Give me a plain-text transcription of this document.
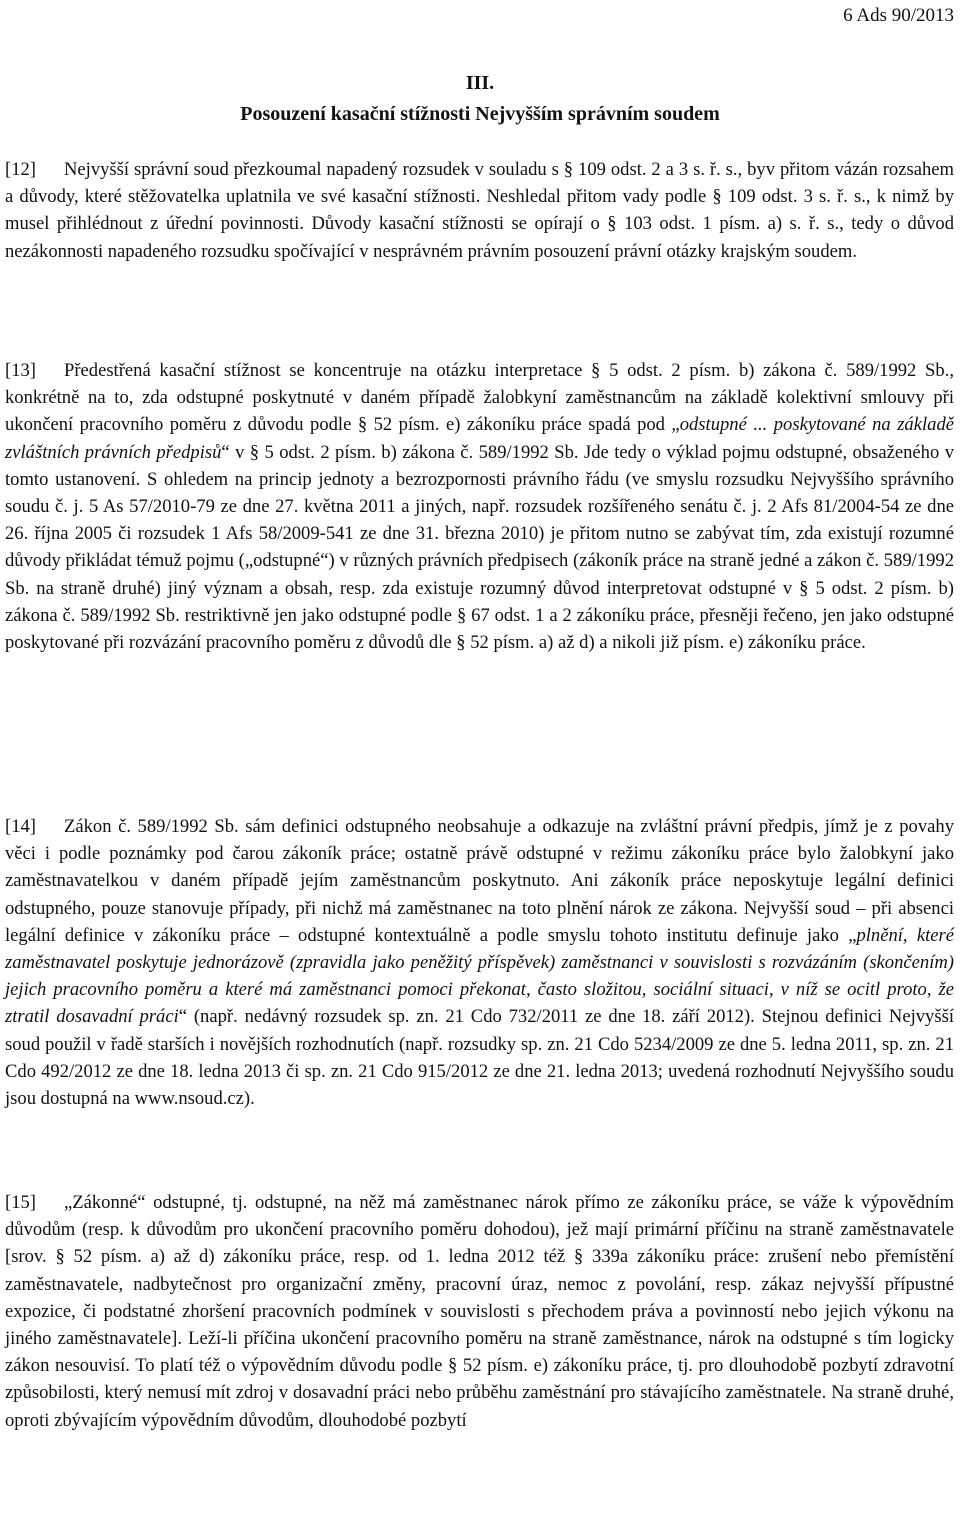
6 Ads 90/2013
III.
Posouzení kasační stížnosti Nejvyšším správním soudem

[12] Nejvyšší správní soud přezkoumal napadený rozsudek v souladu s § 109 odst. 2 a 3 s. ř. s., byv přitom vázán rozsahem a důvody, které stěžovatelka uplatnila ve své kasační stížnosti. Neshledal přitom vady podle § 109 odst. 3 s. ř. s., k nimž by musel přihlédnout z úřední povinnosti. Důvody kasační stížnosti se opírají o § 103 odst. 1 písm. a) s. ř. s., tedy o důvod nezákonnosti napadeného rozsudku spočívající v nesprávném právním posouzení právní otázky krajským soudem.

[13] Předestřená kasační stížnost se koncentruje na otázku interpretace § 5 odst. 2 písm. b) zákona č. 589/1992 Sb., konkrétně na to, zda odstupné poskytnuté v daném případě žalobkyní zaměstnancům na základě kolektivní smlouvy při ukončení pracovního poměru z důvodu podle § 52 písm. e) zákoníku práce spadá pod „odstupné ... poskytované na základě zvláštních právních předpisů“ v § 5 odst. 2 písm. b) zákona č. 589/1992 Sb. Jde tedy o výklad pojmu odstupné, obsaženého v tomto ustanovení. S ohledem na princip jednoty a bezrozpornosti právního řádu (ve smyslu rozsudku Nejvyššího správního soudu č. j. 5 As 57/2010-79 ze dne 27. května 2011 a jiných, např. rozsudek rozšířeného senátu č. j. 2 Afs 81/2004-54 ze dne 26. října 2005 či rozsudek 1 Afs 58/2009-541 ze dne 31. března 2010) je přitom nutno se zabývat tím, zda existují rozumné důvody přikládat témuž pojmu („odstupné“) v různých právních předpisech (zákoník práce na straně jedné a zákon č. 589/1992 Sb. na straně druhé) jiný význam a obsah, resp. zda existuje rozumný důvod interpretovat odstupné v § 5 odst. 2 písm. b) zákona č. 589/1992 Sb. restriktivně jen jako odstupné podle § 67 odst. 1 a 2 zákoníku práce, přesněji řečeno, jen jako odstupné poskytované při rozvázání pracovního poměru z důvodů dle § 52 písm. a) až d) a nikoli již písm. e) zákoníku práce.

[14] Zákon č. 589/1992 Sb. sám definici odstupného neobsahuje a odkazuje na zvláštní právní předpis, jímž je z povahy věci i podle poznámky pod čarou zákoník práce; ostatně právě odstupné v režimu zákoníku práce bylo žalobkyní jako zaměstnavatelkou v daném případě jejím zaměstnancům poskytnuto. Ani zákoník práce neposkytuje legální definici odstupného, pouze stanovuje případy, při nichž má zaměstnanec na toto plnění nárok ze zákona. Nejvyšší soud – při absenci legální definice v zákoníku práce – odstupné kontextuálně a podle smyslu tohoto institutu definuje jako „plnění, které zaměstnavatel poskytuje jednorázově (zpravidla jako peněžitý příspěvek) zaměstnanci v souvislosti s rozvázáním (skončením) jejich pracovního poměru a které má zaměstnanci pomoci překonat, často složitou, sociální situaci, v níž se ocitl proto, že ztratil dosavadní práci“ (např. nedávný rozsudek sp. zn. 21 Cdo 732/2011 ze dne 18. září 2012). Stejnou definici Nejvyšší soud použil v řadě starších i novějších rozhodnutích (např. rozsudky sp. zn. 21 Cdo 5234/2009 ze dne 5. ledna 2011, sp. zn. 21 Cdo 492/2012 ze dne 18. ledna 2013 či sp. zn. 21 Cdo 915/2012 ze dne 21. ledna 2013; uvedená rozhodnutí Nejvyššího soudu jsou dostupná na www.nsoud.cz).

[15] „Zákonné“ odstupné, tj. odstupné, na něž má zaměstnanec nárok přímo ze zákoníku práce, se váže k výpovědním důvodům (resp. k důvodům pro ukončení pracovního poměru dohodou), jež mají primární příčinu na straně zaměstnavatele [srov. § 52 písm. a) až d) zákoníku práce, resp. od 1. ledna 2012 též § 339a zákoníku práce: zrušení nebo přemístění zaměstnavatele, nadbytečnost pro organizační změny, pracovní úraz, nemoc z povolání, resp. zákaz nejvyšší přípustné expozice, či podstatné zhoršení pracovních podmínek v souvislosti s přechodem práva a povinností nebo jejich výkonu na jiného zaměstnavatele]. Leží-li příčina ukončení pracovního poměru na straně zaměstnance, nárok na odstupné s tím logicky zákon nesouvisí. To platí též o výpovědním důvodu podle § 52 písm. e) zákoníku práce, tj. pro dlouhodobě pozbytí zdravotní způsobilosti, který nemusí mít zdroj v dosavadní práci nebo průběhu zaměstnání pro stávajícího zaměstnatele. Na straně druhé, oproti zbývajícím výpovědním důvodům, dlouhodobé pozbytí
